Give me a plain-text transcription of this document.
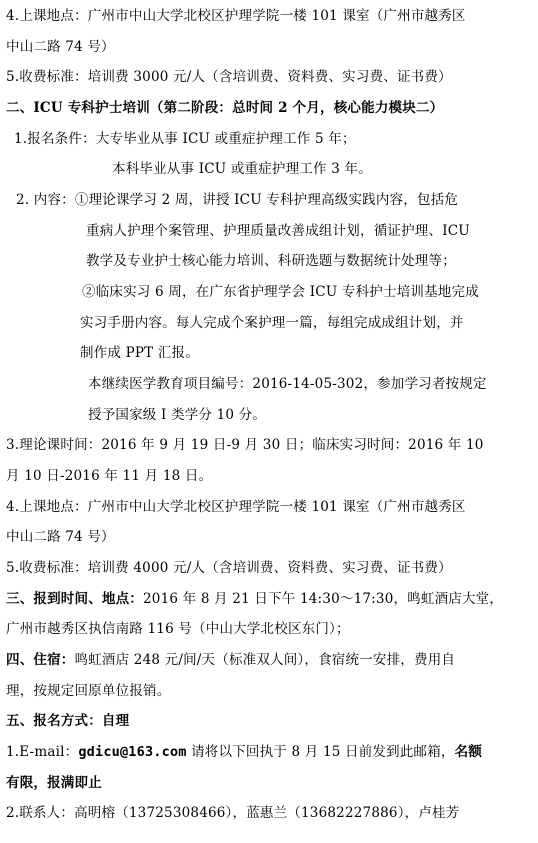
4.上课地点：广州市中山大学北校区护理学院一楼 101 课室（广州市越秀区
中山二路 74 号）
5.收费标准：培训费 3000 元/人（含培训费、资料费、实习费、证书费）
二、ICU 专科护士培训（第二阶段：总时间 2 个月，核心能力模块二）
1.报名条件：大专毕业从事 ICU 或重症护理工作 5 年；
本科毕业从事 ICU 或重症护理工作 3 年。
2. 内容：①理论课学习 2 周，讲授 ICU 专科护理高级实践内容，包括危
重病人护理个案管理、护理质量改善成组计划，循证护理、ICU
教学及专业护士核心能力培训、科研选题与数据统计处理等；
②临床实习 6 周，在广东省护理学会 ICU 专科护士培训基地完成
实习手册内容。每人完成个案护理一篇，每组完成成组计划，并
制作成 PPT 汇报。
本继续医学教育项目编号：2016-14-05-302，参加学习者按规定
授予国家级 I 类学分 10 分。
3.理论课时间：2016 年 9 月 19 日-9 月 30 日；临床实习时间：2016 年 10
月 10 日-2016 年 11 月 18 日。
4.上课地点：广州市中山大学北校区护理学院一楼 101 课室（广州市越秀区
中山二路 74 号）
5.收费标准：培训费 4000 元/人（含培训费、资料费、实习费、证书费）
三、报到时间、地点：2016 年 8 月 21 日下午 14:30～17:30，鸣虹酒店大堂，
广州市越秀区执信南路 116 号（中山大学北校区东门）；
四、住宿：鸣虹酒店 248 元/间/天（标准双人间），食宿统一安排，费用自
理，按规定回原单位报销。
五、报名方式：自理
1.E-mail：gdicu@163.com 请将以下回执于 8 月 15 日前发到此邮箱，名额
有限，报满即止
2.联系人：高明榕（13725308466），蓝惠兰（13682227886），卢桂芳
